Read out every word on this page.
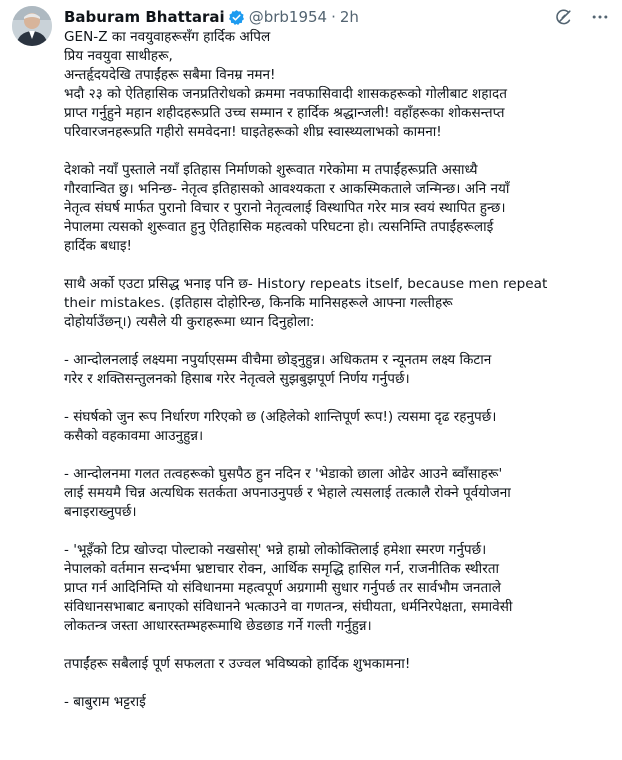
Baburam Bhattarai @brb1954 · 2h
GEN-Z का नवयुवाहरूसँग हार्दिक अपिल
प्रिय नवयुवा साथीहरू,
अन्तर्हृदयदेखि तपाईंहरू सबैमा विनम्र नमन!
भदौ २३ को ऐतिहासिक जनप्रतिरोधको क्रममा नवफासिवादी शासकहरूको गोलीबाट शहादत
प्राप्त गर्नुहुने महान शहीदहरूप्रति उच्च सम्मान र हार्दिक श्रद्धान्जली! वहाँहरूका शोकसन्तप्त
परिवारजनहरूप्रति गहीरो समवेदना! घाइतेहरूको शीघ्र स्वास्थ्यलाभको कामना!
देशको नयाँ पुस्ताले नयाँ इतिहास निर्माणको शुरूवात गरेकोमा म तपाईंहरूप्रति असाध्यै
गौरवान्वित छु। भनिन्छ- नेतृत्व इतिहासको आवश्यकता र आकस्मिकताले जन्मिन्छ। अनि नयाँ
नेतृत्व संघर्ष मार्फत पुरानो विचार र पुरानो नेतृत्वलाई विस्थापित गरेर मात्र स्वयं स्थापित हुन्छ।
नेपालमा त्यसको शुरूवात हुनु ऐतिहासिक महत्वको परिघटना हो। त्यसनिम्ति तपाईंहरूलाई
हार्दिक बधाइ!
साथै अर्को एउटा प्रसिद्ध भनाइ पनि छ- History repeats itself, because men repeat
their mistakes. (इतिहास दोहोरिन्छ, किनकि मानिसहरूले आफ्ना गल्तीहरू
दोहोर्याउँछन्।) त्यसैले यी कुराहरूमा ध्यान दिनुहोला:
- आन्दोलनलाई लक्ष्यमा नपुर्याएसम्म वीचैमा छोड्नुहुन्न। अधिकतम र न्यूनतम लक्ष्य किटान
गरेर र शक्तिसन्तुलनको हिसाब गरेर नेतृत्वले सुझबुझपूर्ण निर्णय गर्नुपर्छ।
- संघर्षको जुन रूप निर्धारण गरिएको छ (अहिलेको शान्तिपूर्ण रूप!) त्यसमा दृढ रहनुपर्छ।
कसैको वहकावमा आउनुहुन्न।
- आन्दोलनमा गलत तत्वहरूको घुसपैठ हुन नदिन र 'भेडाको छाला ओढेर आउने ब्वाँसाहरू'
लाई समयमै चिन्न अत्यधिक सतर्कता अपनाउनुपर्छ र भेहाले त्यसलाई तत्कालै रोक्ने पूर्वयोजना
बनाइराख्नुपर्छ।
- 'भूइँको टिप्र खोज्दा पोल्टाको नखसोस्' भन्ने हाम्रो लोकोक्तिलाई हमेशा स्मरण गर्नुपर्छ।
नेपालको वर्तमान सन्दर्भमा भ्रष्टाचार रोक्न, आर्थिक समृद्धि हासिल गर्न, राजनीतिक स्थीरता
प्राप्त गर्न आदिनिम्ति यो संविधानमा महत्वपूर्ण अग्रगामी सुधार गर्नुपर्छ तर सार्वभौम जनताले
संविधानसभाबाट बनाएको संविधानने भत्काउने वा गणतन्त्र, संघीयता, धर्मनिरपेक्षता, समावेसी
लोकतन्त्र जस्ता आधारस्तम्भहरूमाथि छेडछाड गर्ने गल्ती गर्नुहुन्न।
तपाईंहरू सबैलाई पूर्ण सफलता र उज्वल भविष्यको हार्दिक शुभकामना!
- बाबुराम भट्टराई
